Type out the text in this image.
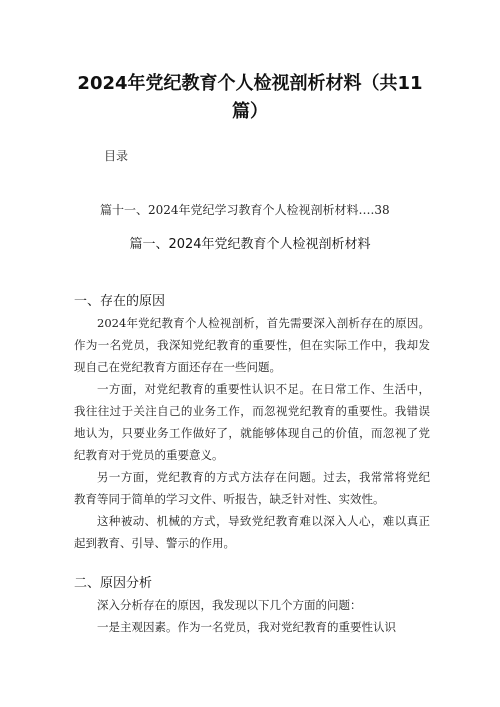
2024年党纪教育个人检视剖析材料（共11
篇）
目录
篇十一、2024年党纪学习教育个人检视剖析材料….38
篇一、2024年党纪教育个人检视剖析材料
一、存在的原因

2024年党纪教育个人检视剖析，首先需要深入剖析存在的原因。作为一名党员，我深知党纪教育的重要性，但在实际工作中，我却发现自己在党纪教育方面还存在一些问题。

一方面，对党纪教育的重要性认识不足。在日常工作、生活中，我往往过于关注自己的业务工作，而忽视党纪教育的重要性。我错误地认为，只要业务工作做好了，就能够体现自己的价值，而忽视了党纪教育对于党员的重要意义。

另一方面，党纪教育的方式方法存在问题。过去，我常常将党纪教育等同于简单的学习文件、听报告，缺乏针对性、实效性。

这种被动、机械的方式，导致党纪教育难以深入人心，难以真正起到教育、引导、警示的作用。

二、原因分析

深入分析存在的原因，我发现以下几个方面的问题：

一是主观因素。作为一名党员，我对党纪教育的重要性认识
